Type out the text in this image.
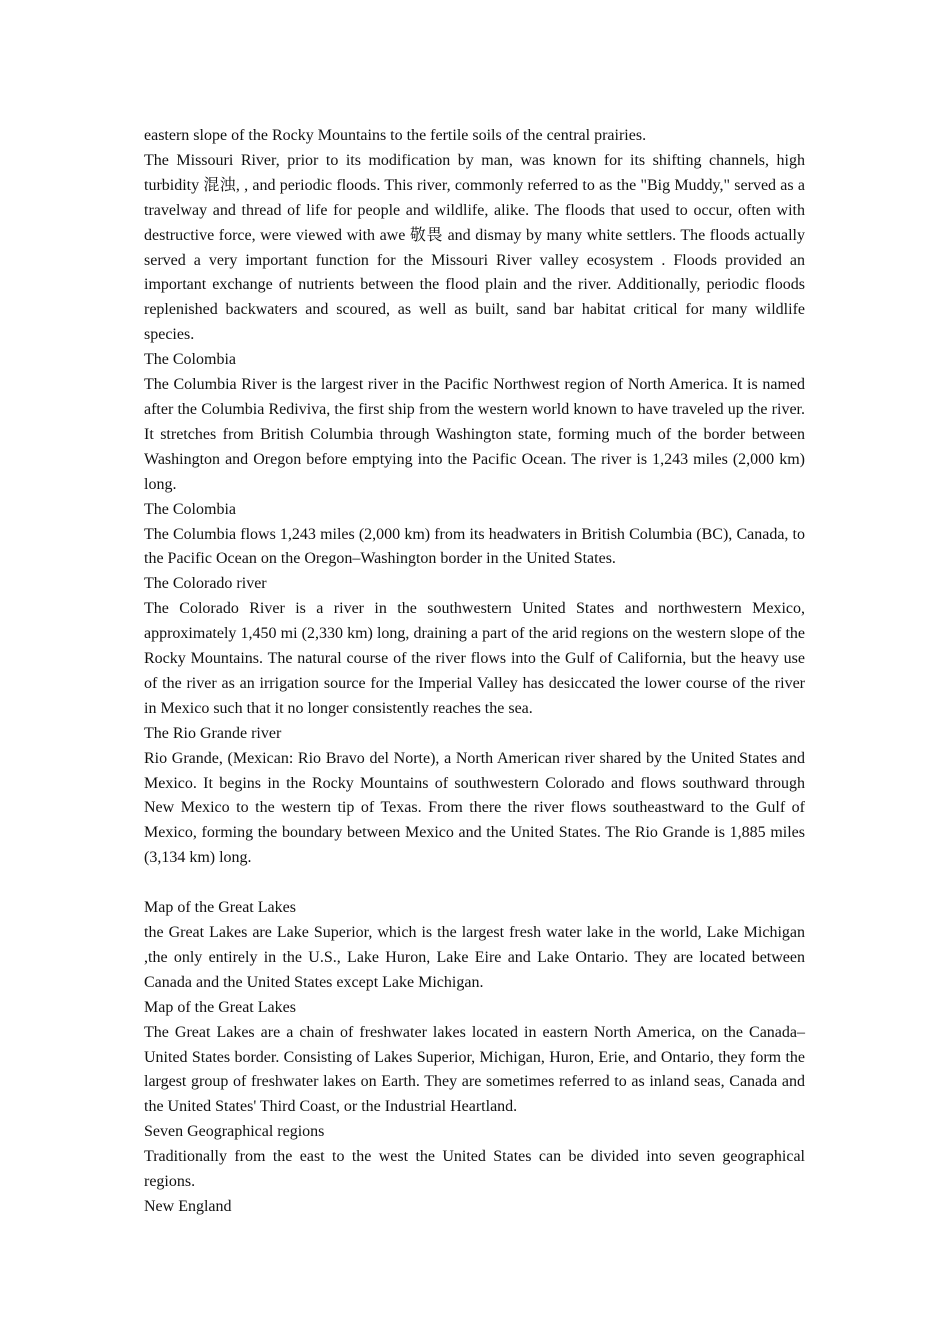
eastern slope of the Rocky Mountains to the fertile soils of the central prairies.

The Missouri River, prior to its modification by man, was known for its shifting channels, high turbidity 混浊, , and periodic floods. This river, commonly referred to as the "Big Muddy," served as a travelway and thread of life for people and wildlife, alike. The floods that used to occur, often with destructive force, were viewed with awe 敬畏 and dismay by many white settlers. The floods actually served a very important function for the Missouri River valley ecosystem . Floods provided an important exchange of nutrients between the flood plain and the river. Additionally, periodic floods replenished backwaters and scoured, as well as built, sand bar habitat critical for many wildlife species.

The Colombia

The Columbia River is the largest river in the Pacific Northwest region of North America. It is named after the Columbia Rediviva, the first ship from the western world known to have traveled up the river. It stretches from British Columbia through Washington state, forming much of the border between Washington and Oregon before emptying into the Pacific Ocean. The river is 1,243 miles (2,000 km) long.

The Colombia

The Columbia flows 1,243 miles (2,000 km) from its headwaters in British Columbia (BC), Canada, to the Pacific Ocean on the Oregon–Washington border in the United States.

The Colorado river

The Colorado River is a river in the southwestern United States and northwestern Mexico, approximately 1,450 mi (2,330 km) long, draining a part of the arid regions on the western slope of the Rocky Mountains. The natural course of the river flows into the Gulf of California, but the heavy use of the river as an irrigation source for the Imperial Valley has desiccated the lower course of the river in Mexico such that it no longer consistently reaches the sea.

The Rio Grande river

Rio Grande, (Mexican: Rio Bravo del Norte), a North American river shared by the United States and Mexico. It begins in the Rocky Mountains of southwestern Colorado and flows southward through New Mexico to the western tip of Texas. From there the river flows southeastward to the Gulf of Mexico, forming the boundary between Mexico and the United States. The Rio Grande is 1,885 miles (3,134 km) long.

Map of the Great Lakes

the Great Lakes are Lake Superior, which is the largest fresh water lake in the world, Lake Michigan ,the only entirely in the U.S., Lake Huron, Lake Eire and Lake Ontario. They are located between Canada and the United States except Lake Michigan.

Map of the Great Lakes

The Great Lakes are a chain of freshwater lakes located in eastern North America, on the Canada–United States border. Consisting of Lakes Superior, Michigan, Huron, Erie, and Ontario, they form the largest group of freshwater lakes on Earth. They are sometimes referred to as inland seas, Canada and the United States' Third Coast, or the Industrial Heartland.

Seven Geographical regions

Traditionally from the east to the west the United States can be divided into seven geographical regions.

New England
